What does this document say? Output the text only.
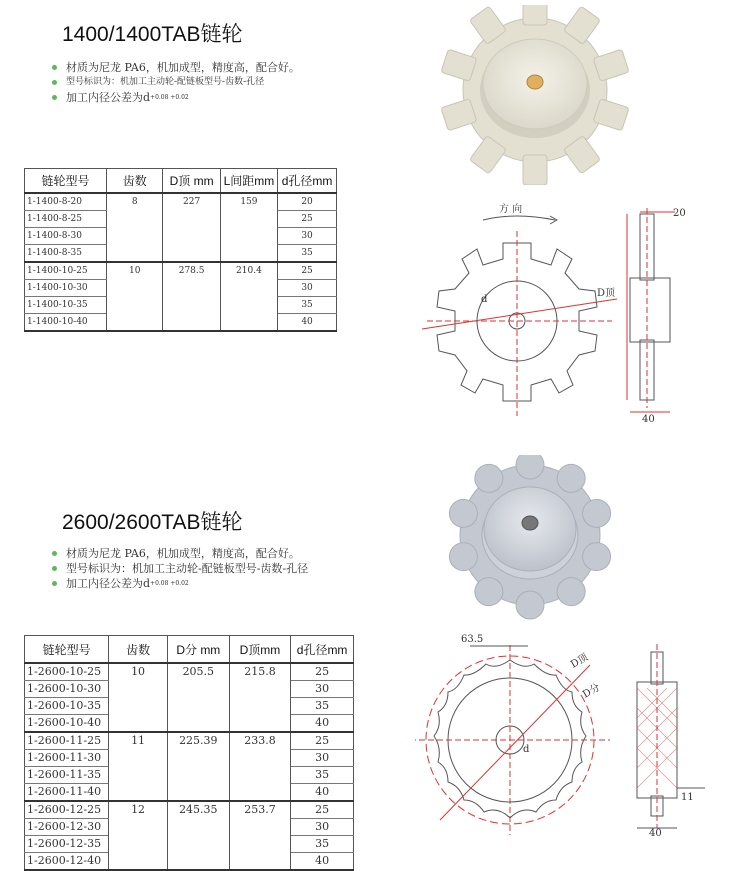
1400/1400TAB链轮
材质为尼龙 PA6，机加成型，精度高，配合好。
型号标识为：机加工主动轮-配链板型号-齿数-孔径
加工内径公差为$d^{+0.08 +0.02}$
链轮型号	齿数	D顶 mm	L间距mm	d孔径mm
1-1400-8-20	8	227	159	20
1-1400-8-25				25
1-1400-8-30				30
1-1400-8-35				35
1-1400-10-25	10	278.5	210.4	25
1-1400-10-30				30
1-1400-10-35				35
1-1400-10-40				40
方 向
d
D顶
40
20
2600/2600TAB链轮
材质为尼龙 PA6，机加成型，精度高，配合好。
型号标识为：机加工主动轮-配链板型号-齿数-孔径
加工内径公差为$d^{+0.08 +0.02}$
链轮型号	齿数	D分 mm	D顶mm	d孔径mm
1-2600-10-25	10	205.5	215.8	25
1-2600-10-30				30
1-2600-10-35				35
1-2600-10-40				40
1-2600-11-25	11	225.39	233.8	25
1-2600-11-30				30
1-2600-11-35				35
1-2600-11-40				40
1-2600-12-25	12	245.35	253.7	25
1-2600-12-30				30
1-2600-12-35				35
1-2600-12-40				40
63.5
D顶
D分
d
40
11
